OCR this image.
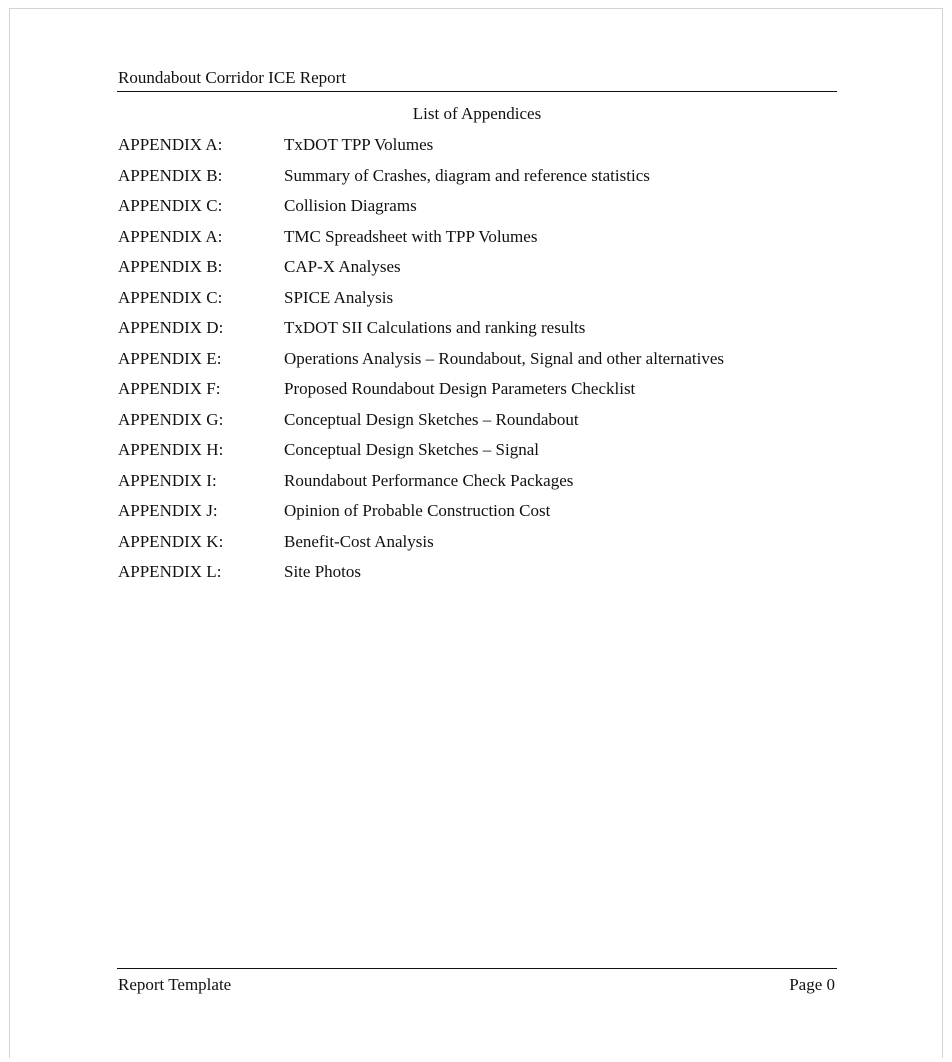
Roundabout Corridor ICE Report
List of Appendices
APPENDIX A:	TxDOT TPP Volumes
APPENDIX B:	Summary of Crashes, diagram and reference statistics
APPENDIX C:	Collision Diagrams
APPENDIX A:	TMC Spreadsheet with TPP Volumes
APPENDIX B:	CAP-X Analyses
APPENDIX C:	SPICE Analysis
APPENDIX D:	TxDOT SII Calculations and ranking results
APPENDIX E:	Operations Analysis – Roundabout, Signal and other alternatives
APPENDIX F:	Proposed Roundabout Design Parameters Checklist
APPENDIX G:	Conceptual Design Sketches – Roundabout
APPENDIX H:	Conceptual Design Sketches – Signal
APPENDIX I:	Roundabout Performance Check Packages
APPENDIX J:	Opinion of Probable Construction Cost
APPENDIX K:	Benefit-Cost Analysis
APPENDIX L:	Site Photos
Report Template	Page 0
